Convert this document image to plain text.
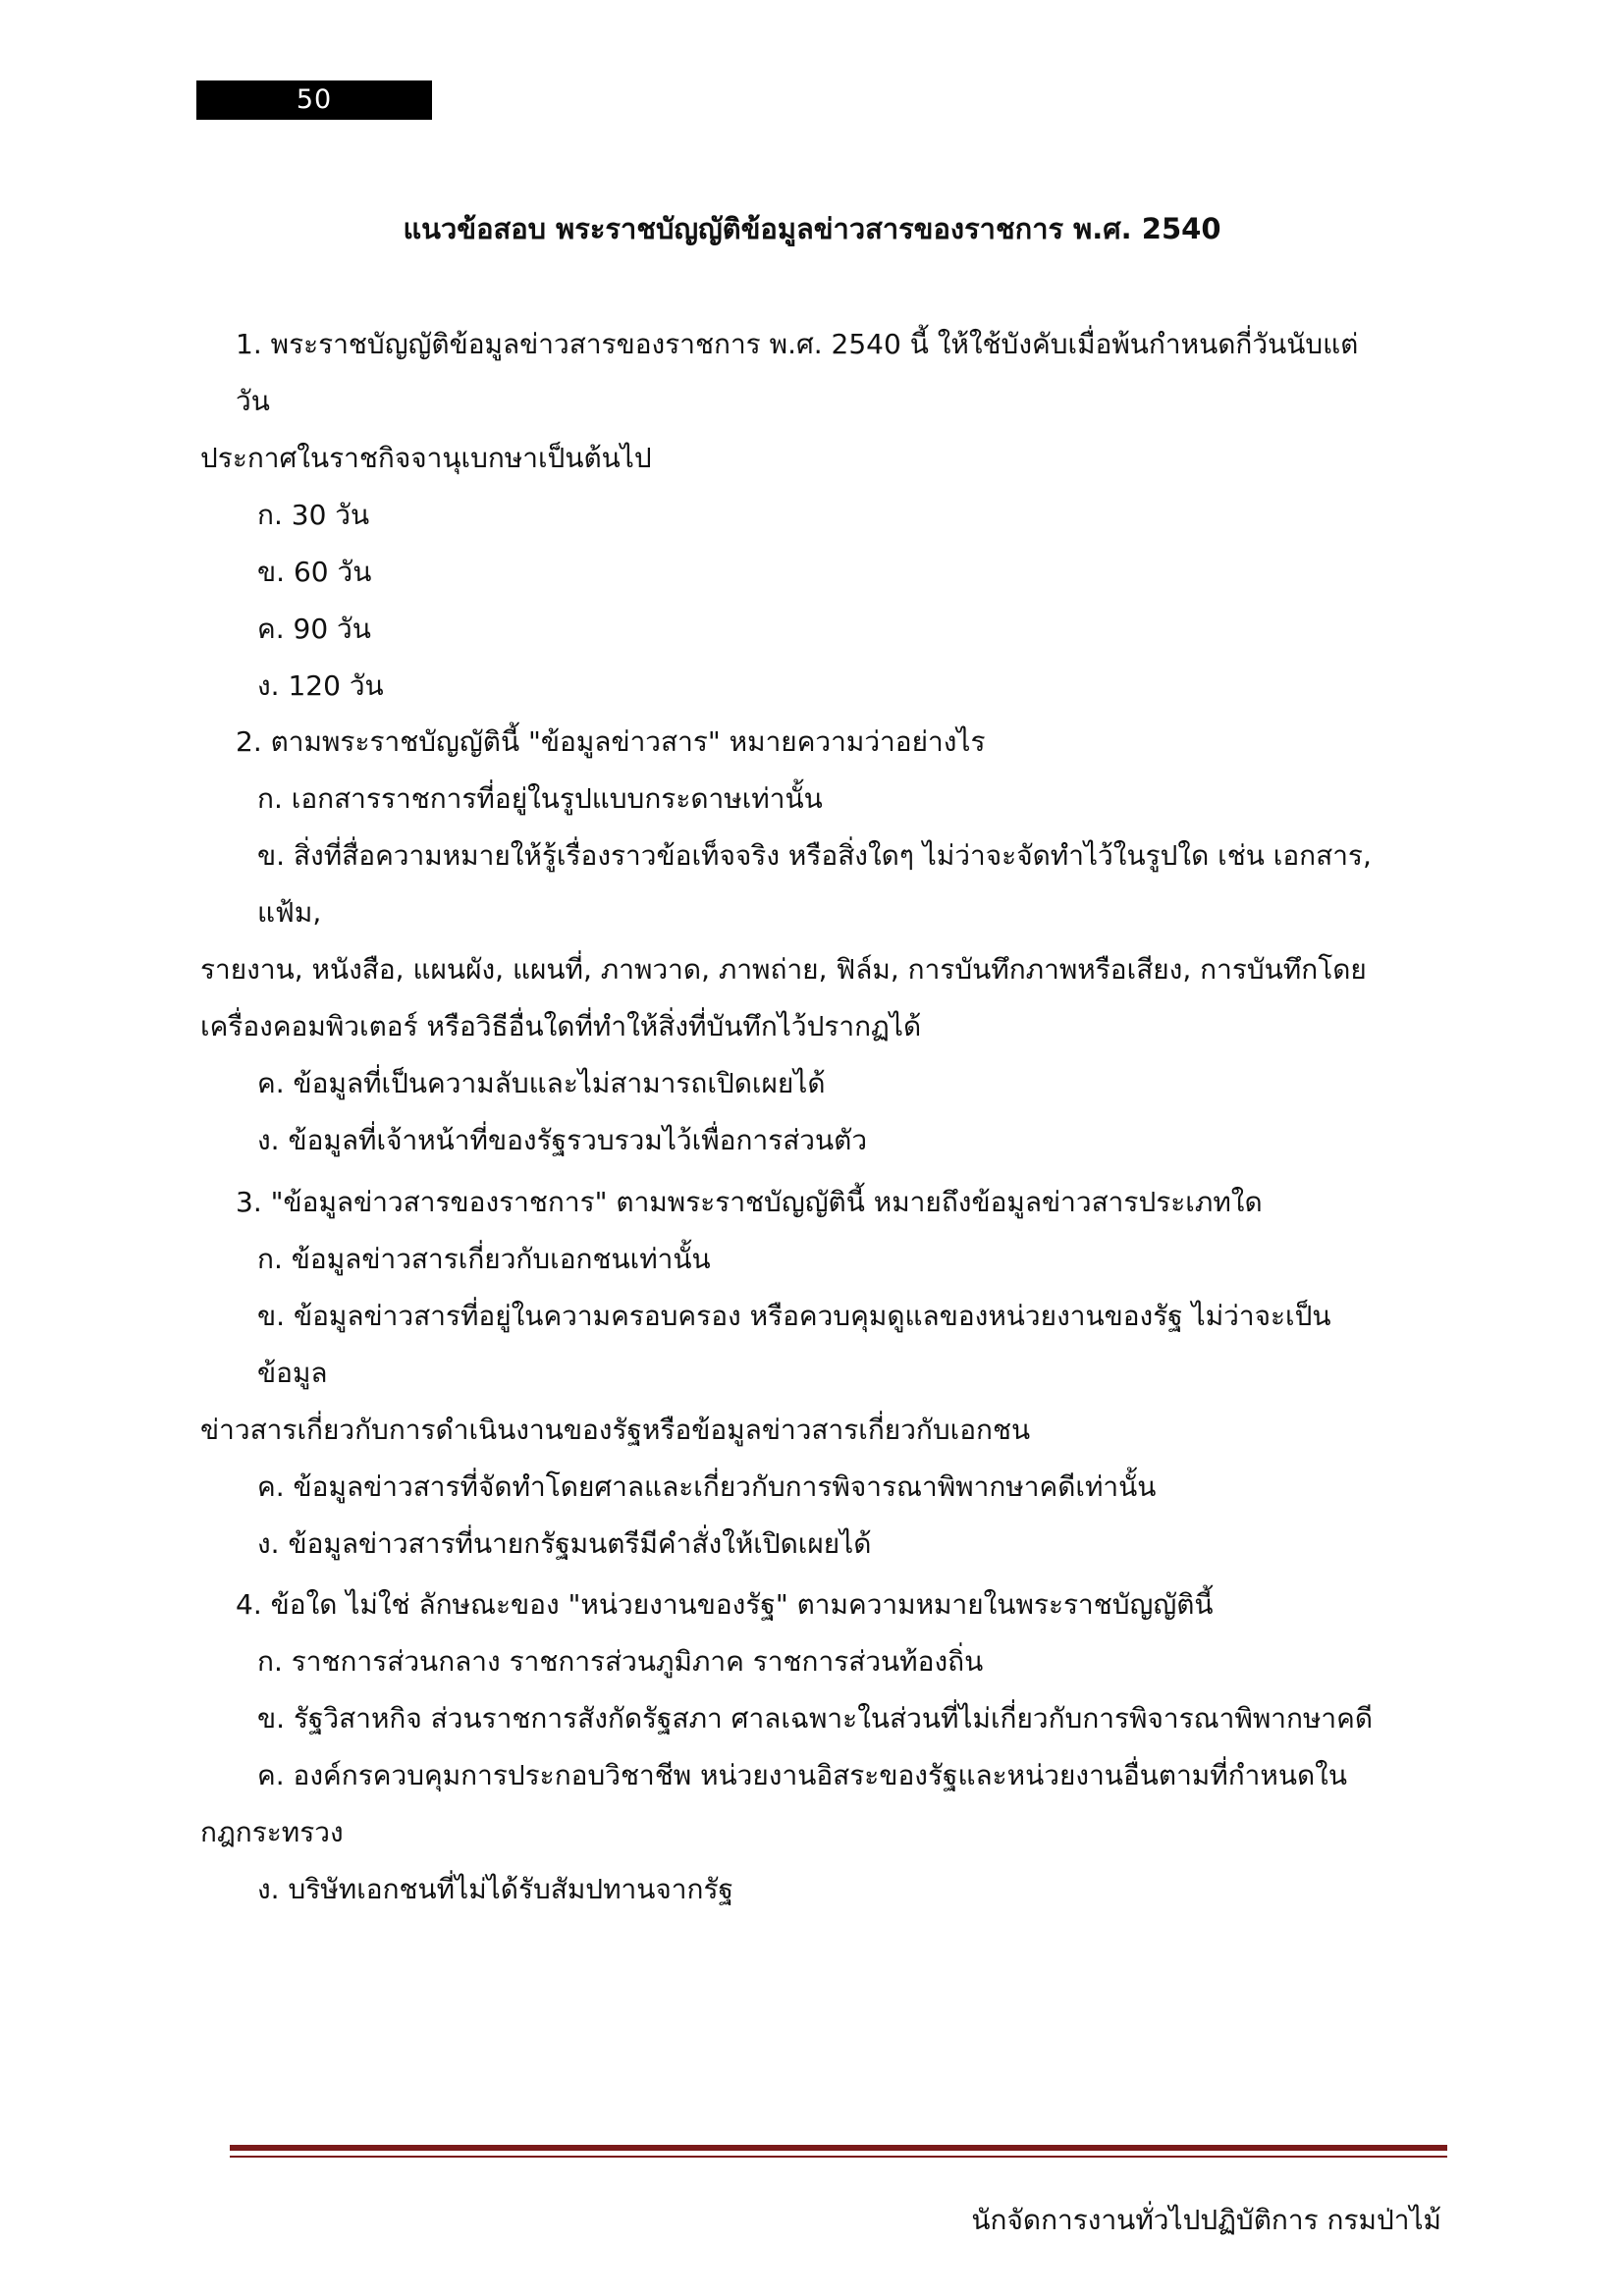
50
แนวข้อสอบ พระราชบัญญัติข้อมูลข่าวสารของราชการ พ.ศ. 2540

1. พระราชบัญญัติข้อมูลข่าวสารของราชการ พ.ศ. 2540 นี้ ให้ใช้บังคับเมื่อพ้นกำหนดกี่วันนับแต่วัน

ประกาศในราชกิจจานุเบกษาเป็นต้นไป

ก. 30 วัน

ข. 60 วัน

ค. 90 วัน

ง. 120 วัน

2. ตามพระราชบัญญัตินี้ "ข้อมูลข่าวสาร" หมายความว่าอย่างไร

ก. เอกสารราชการที่อยู่ในรูปแบบกระดาษเท่านั้น

ข. สิ่งที่สื่อความหมายให้รู้เรื่องราวข้อเท็จจริง หรือสิ่งใดๆ ไม่ว่าจะจัดทำไว้ในรูปใด เช่น เอกสาร, แฟ้ม,

รายงาน, หนังสือ, แผนผัง, แผนที่, ภาพวาด, ภาพถ่าย, ฟิล์ม, การบันทึกภาพหรือเสียง, การบันทึกโดย

เครื่องคอมพิวเตอร์ หรือวิธีอื่นใดที่ทำให้สิ่งที่บันทึกไว้ปรากฏได้

ค. ข้อมูลที่เป็นความลับและไม่สามารถเปิดเผยได้

ง. ข้อมูลที่เจ้าหน้าที่ของรัฐรวบรวมไว้เพื่อการส่วนตัว

3. "ข้อมูลข่าวสารของราชการ" ตามพระราชบัญญัตินี้ หมายถึงข้อมูลข่าวสารประเภทใด

ก. ข้อมูลข่าวสารเกี่ยวกับเอกชนเท่านั้น

ข. ข้อมูลข่าวสารที่อยู่ในความครอบครอง หรือควบคุมดูแลของหน่วยงานของรัฐ ไม่ว่าจะเป็นข้อมูล

ข่าวสารเกี่ยวกับการดำเนินงานของรัฐหรือข้อมูลข่าวสารเกี่ยวกับเอกชน

ค. ข้อมูลข่าวสารที่จัดทำโดยศาลและเกี่ยวกับการพิจารณาพิพากษาคดีเท่านั้น

ง. ข้อมูลข่าวสารที่นายกรัฐมนตรีมีคำสั่งให้เปิดเผยได้

4. ข้อใด ไม่ใช่ ลักษณะของ "หน่วยงานของรัฐ" ตามความหมายในพระราชบัญญัตินี้

ก. ราชการส่วนกลาง ราชการส่วนภูมิภาค ราชการส่วนท้องถิ่น

ข. รัฐวิสาหกิจ ส่วนราชการสังกัดรัฐสภา ศาลเฉพาะในส่วนที่ไม่เกี่ยวกับการพิจารณาพิพากษาคดี

ค. องค์กรควบคุมการประกอบวิชาชีพ หน่วยงานอิสระของรัฐและหน่วยงานอื่นตามที่กำหนดใน

กฎกระทรวง

ง. บริษัทเอกชนที่ไม่ได้รับสัมปทานจากรัฐ

นักจัดการงานทั่วไปปฏิบัติการ กรมป่าไม้
